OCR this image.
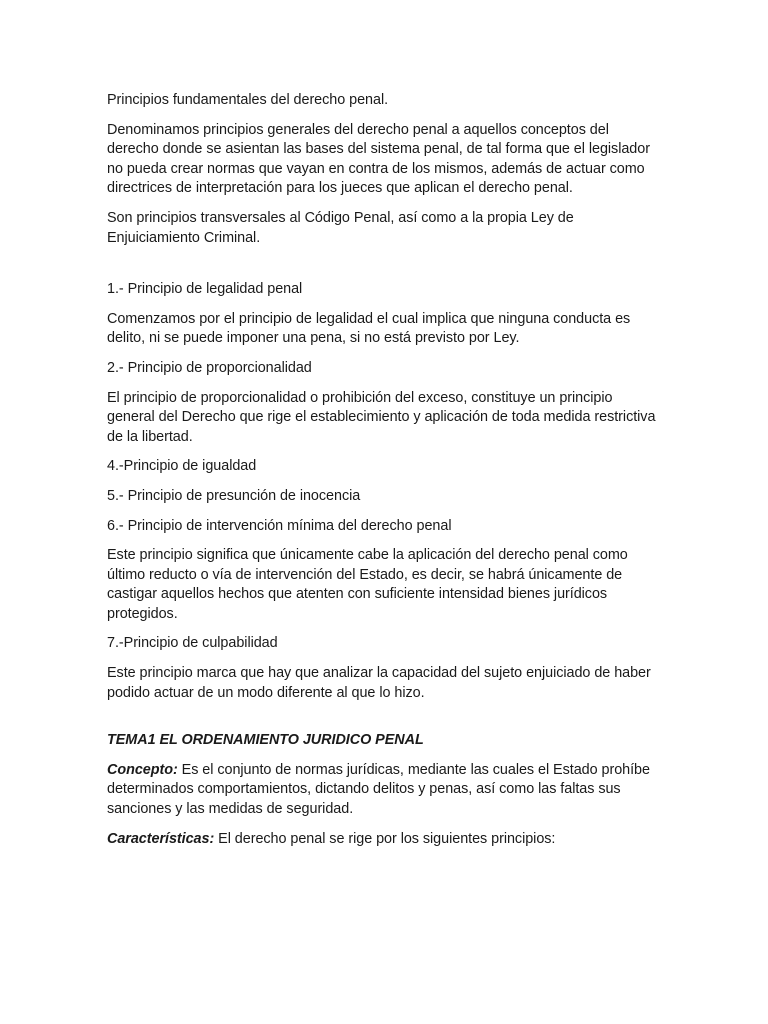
Principios fundamentales del derecho penal.

Denominamos principios generales del derecho penal a aquellos conceptos del derecho donde se asientan las bases del sistema penal, de tal forma que el legislador no pueda crear normas que vayan en contra de los mismos, además de actuar como directrices de interpretación para los jueces que aplican el derecho penal.

Son principios transversales al Código Penal, así como a la propia Ley de Enjuiciamiento Criminal.

1.- Principio de legalidad penal

Comenzamos por el principio de legalidad el cual implica que ninguna conducta es delito, ni se puede imponer una pena, si no está previsto por Ley.

2.- Principio de proporcionalidad

El principio de proporcionalidad o prohibición del exceso, constituye un principio general del Derecho que rige el establecimiento y aplicación de toda medida restrictiva de la libertad.

4.-Principio de igualdad

5.- Principio de presunción de inocencia

6.- Principio de intervención mínima del derecho penal

Este principio significa que únicamente cabe la aplicación del derecho penal como último reducto o vía de intervención del Estado, es decir, se habrá únicamente de castigar aquellos hechos que atenten con suficiente intensidad bienes jurídicos protegidos.

7.-Principio de culpabilidad

Este principio marca que hay que analizar la capacidad del sujeto enjuiciado de haber podido actuar de un modo diferente al que lo hizo.

TEMA1 EL ORDENAMIENTO JURIDICO PENAL

Concepto: Es el conjunto de normas jurídicas, mediante las cuales el Estado prohíbe determinados comportamientos, dictando delitos y penas, así como las faltas sus sanciones y las medidas de seguridad.

Características: El derecho penal se rige por los siguientes principios:
